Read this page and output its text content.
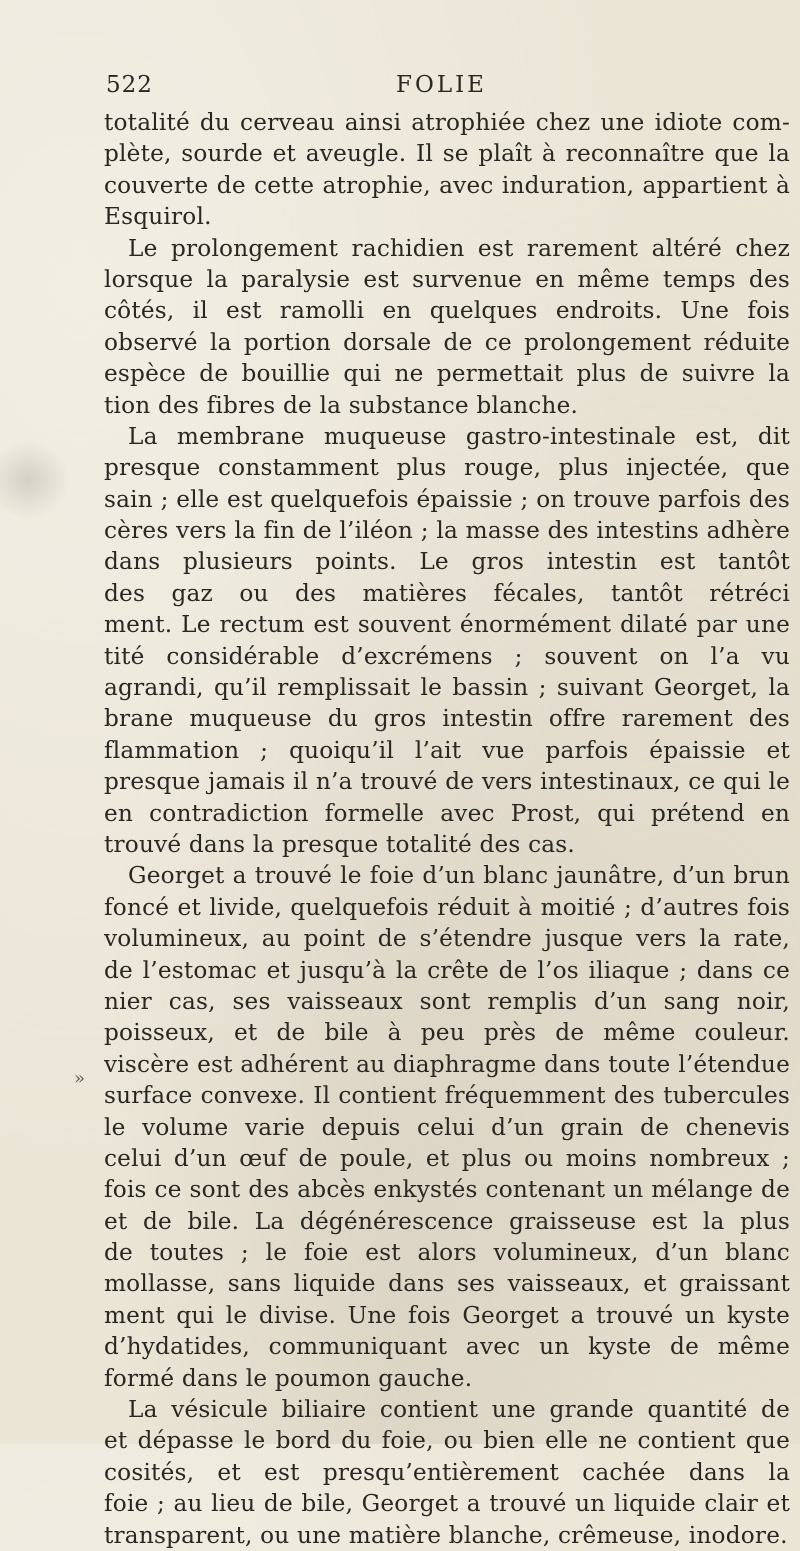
522	FOLIE
»
totalité du cerveau ainsi atrophiée chez une idiote com-
plète, sourde et aveugle. Il se plaît à reconnaître que la
couverte de cette atrophie, avec induration, appartient à
Esquirol.
Le prolongement rachidien est rarement altéré chez
lorsque la paralysie est survenue en même temps des
côtés, il est ramolli en quelques endroits. Une fois
observé la portion dorsale de ce prolongement réduite
espèce de bouillie qui ne permettait plus de suivre la
tion des fibres de la substance blanche.
La membrane muqueuse gastro-intestinale est, dit
presque constamment plus rouge, plus injectée, que
sain ; elle est quelquefois épaissie ; on trouve parfois des
cères vers la fin de l’iléon ; la masse des intestins adhère
dans plusieurs points. Le gros intestin est tantôt
des gaz ou des matières fécales, tantôt rétréci
ment. Le rectum est souvent énormément dilaté par une
tité considérable d’excrémens ; souvent on l’a vu
agrandi, qu’il remplissait le bassin ; suivant Georget, la
brane muqueuse du gros intestin offre rarement des
flammation ; quoiqu’il l’ait vue parfois épaissie et
presque jamais il n’a trouvé de vers intestinaux, ce qui le
en contradiction formelle avec Prost, qui prétend en
trouvé dans la presque totalité des cas.
Georget a trouvé le foie d’un blanc jaunâtre, d’un brun
foncé et livide, quelquefois réduit à moitié ; d’autres fois
volumineux, au point de s’étendre jusque vers la rate,
de l’estomac et jusqu’à la crête de l’os iliaque ; dans ce
nier cas, ses vaisseaux sont remplis d’un sang noir,
poisseux, et de bile à peu près de même couleur.
viscère est adhérent au diaphragme dans toute l’étendue
surface convexe. Il contient fréquemment des tubercules
le volume varie depuis celui d’un grain de chenevis
celui d’un œuf de poule, et plus ou moins nombreux ;
fois ce sont des abcès enkystés contenant un mélange de
et de bile. La dégénérescence graisseuse est la plus
de toutes ; le foie est alors volumineux, d’un blanc
mollasse, sans liquide dans ses vaisseaux, et graissant
ment qui le divise. Une fois Georget a trouvé un kyste
d’hydatides, communiquant avec un kyste de même
formé dans le poumon gauche.
La vésicule biliaire contient une grande quantité de
et dépasse le bord du foie, ou bien elle ne contient que
cosités, et est presqu’entièrement cachée dans la
foie ; au lieu de bile, Georget a trouvé un liquide clair et
transparent, ou une matière blanche, crêmeuse, inodore.
